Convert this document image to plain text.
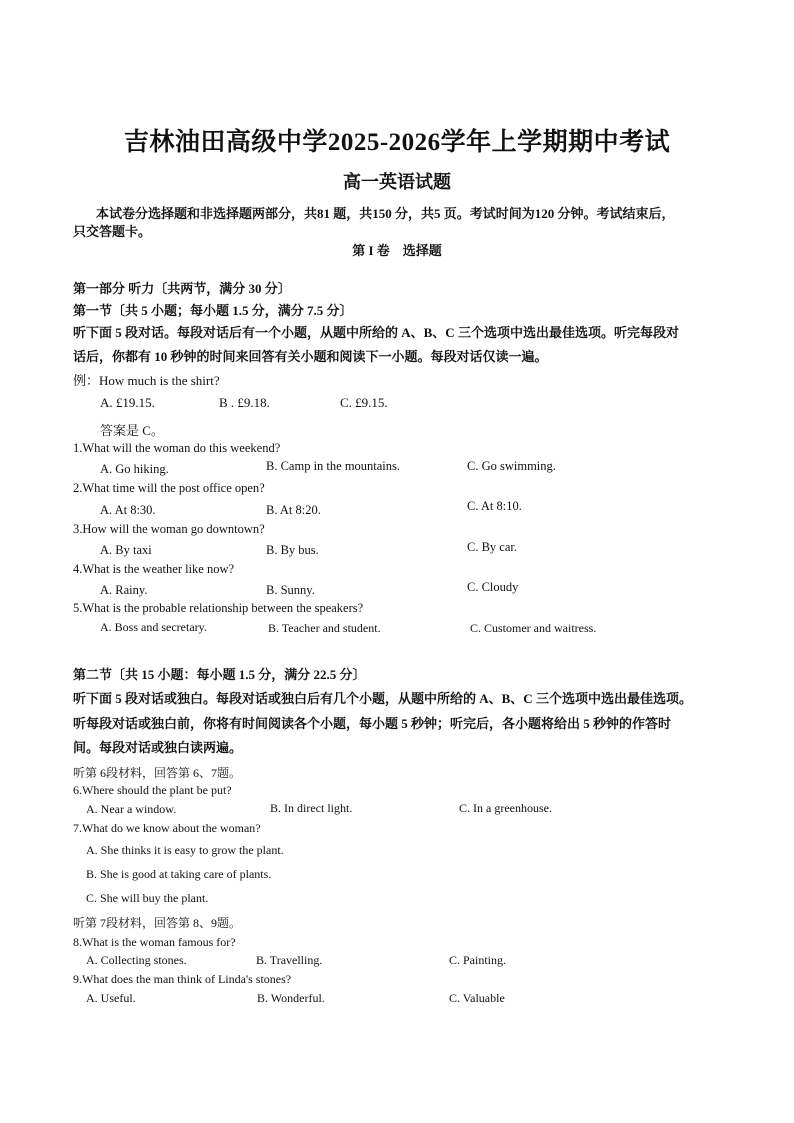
吉林油田高级中学2025-2026学年上学期期中考试
高一英语试题
本试卷分选择题和非选择题两部分，共81 题，共150 分，共5 页。考试时间为120 分钟。考试结束后，
只交答题卡。
第 I 卷　选择题
第一部分 听力〔共两节，满分 30 分〕
第一节〔共 5 小题；每小题 1.5 分，满分 7.5 分〕
听下面 5 段对话。每段对话后有一个小题，从题中所给的 A、B、C 三个选项中选出最佳选项。听完每段对
话后，你都有 10 秒钟的时间来回答有关小题和阅读下一小题。每段对话仅读一遍。
例：How much is the shirt?
A. £19.15.	B . £9.18.	C. £9.15.
答案是 C。
1.What will the woman do this weekend?
A. Go hiking.	B. Camp in the mountains.	C. Go swimming.
2.What time will the post office open?
A. At 8:30.	B. At 8:20.	C. At 8:10.
3.How will the woman go downtown?
A. By taxi	B. By bus.	C. By car.
4.What is the weather like now?
A. Rainy.	B. Sunny.	C. Cloudy
5.What is the probable relationship between the speakers?
A. Boss and secretary.	B. Teacher and student.	C. Customer and waitress.
第二节〔共 15 小题：每小题 1.5 分，满分 22.5 分〕
听下面 5 段对话或独白。每段对话或独白后有几个小题，从题中所给的 A、B、C 三个选项中选出最佳选项。
听每段对话或独白前，你将有时间阅读各个小题，每小题 5 秒钟；听完后，各小题将给出 5 秒钟的作答时
间。每段对话或独白读两遍。
听第 6段材料，回答第 6、7题。
6.Where should the plant be put?
A. Near a window.	B. In direct light.	C. In a greenhouse.
7.What do we know about the woman?
A. She thinks it is easy to grow the plant.
B. She is good at taking care of plants.
C. She will buy the plant.
听第 7段材料，回答第 8、9题。
8.What is the woman famous for?
A. Collecting stones.	B. Travelling.	C. Painting.
9.What does the man think of Linda's stones?
A. Useful.	B. Wonderful.	C. Valuable
